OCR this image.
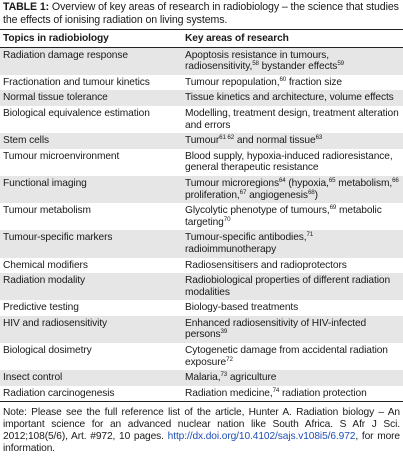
TABLE 1: Overview of key areas of research in radiobiology – the science that studies the effects of ionising radiation on living systems.
Topics in radiobiology	Key areas of research
Radiation damage response	Apoptosis resistance in tumours, radiosensitivity,$^{58}$ bystander effects$^{59}$
Fractionation and tumour kinetics	Tumour repopulation,$^{60}$ fraction size
Normal tissue tolerance	Tissue kinetics and architecture, volume effects
Biological equivalence estimation	Modelling, treatment design, treatment alteration and errors
Stem cells	Tumour$^{61 62}$ and normal tissue$^{63}$
Tumour microenvironment	Blood supply, hypoxia-induced radioresistance, general therapeutic resistance
Functional imaging	Tumour microregions$^{64}$ (hypoxia,$^{65}$ metabolism,$^{66}$ proliferation,$^{67}$ angiogenesis$^{68}$)
Tumour metabolism	Glycolytic phenotype of tumours,$^{69}$ metabolic targeting$^{70}$
Tumour-specific markers	Tumour-specific antibodies,$^{71}$ radioimmunotherapy
Chemical modifiers	Radiosensitisers and radioprotectors
Radiation modality	Radiobiological properties of different radiation modalities
Predictive testing	Biology-based treatments
HIV and radiosensitivity	Enhanced radiosensitivity of HIV-infected persons$^{39}$
Biological dosimetry	Cytogenetic damage from accidental radiation exposure$^{72}$
Insect control	Malaria,$^{73}$ agriculture
Radiation carcinogenesis	Radiation medicine,$^{74}$ radiation protection
Note: Please see the full reference list of the article, Hunter A. Radiation biology – An important science for an advanced nuclear nation like South Africa. S Afr J Sci. 2012;108(5/6), Art. #972, 10 pages. http://dx.doi.org/10.4102/sajs.v108i5/6.972, for more information.
